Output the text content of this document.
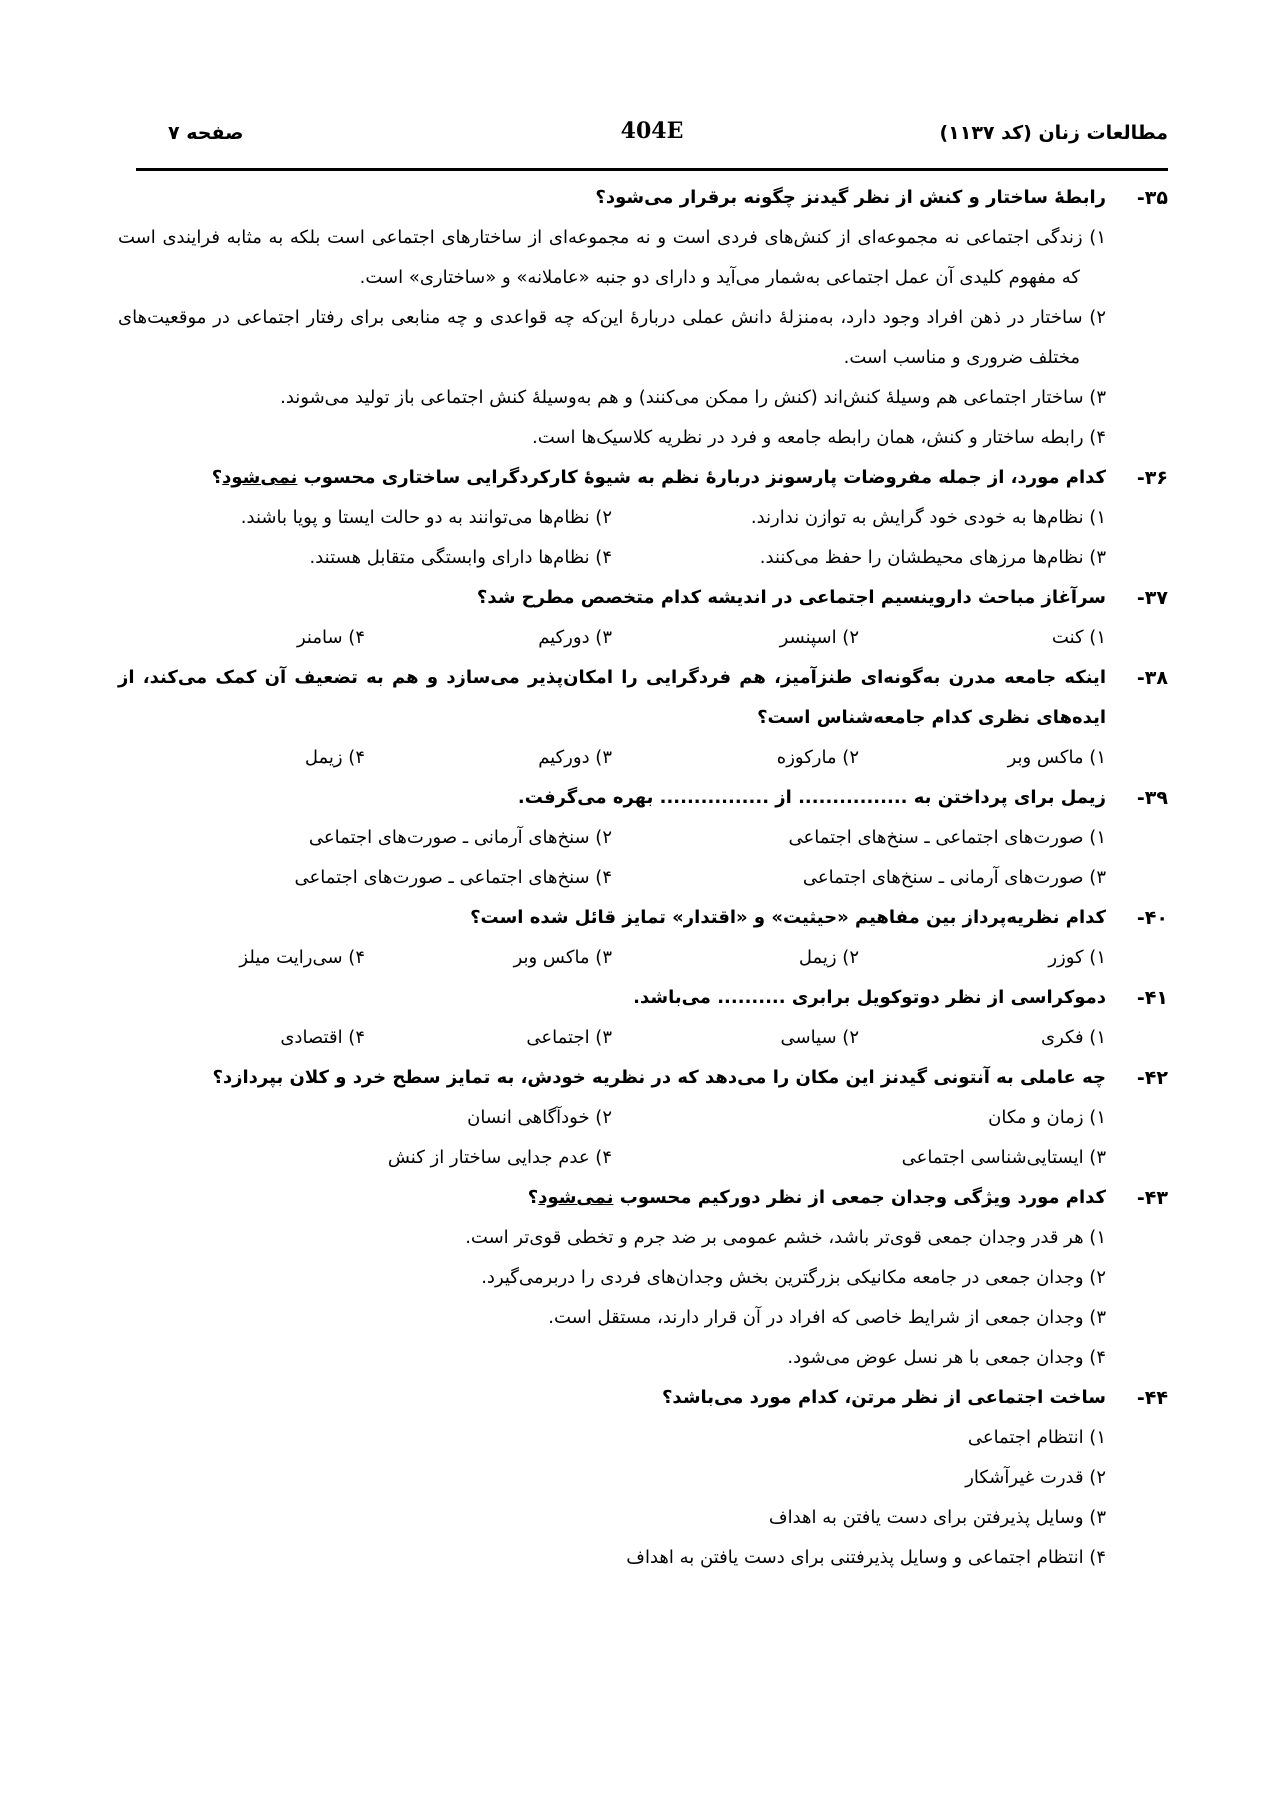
صفحه ۷	404E	مطالعات زنان (کد ۱۱۳۷)
۳۵-
رابطهٔ ساختار و کنش از نظر گیدنز چگونه برقرار می‌شود؟
۱) زندگی اجتماعی نه مجموعه‌ای از کنش‌های فردی است و نه مجموعه‌ای از ساختارهای اجتماعی است بلکه به مثابه فرایندی است که مفهوم کلیدی آن عمل اجتماعی به‌شمار می‌آید و دارای دو جنبه «عاملانه» و «ساختاری» است.
۲) ساختار در ذهن افراد وجود دارد، به‌منزلهٔ دانش عملی دربارهٔ این‌که چه قواعدی و چه منابعی برای رفتار اجتماعی در موقعیت‌های مختلف ضروری و مناسب است.
۳) ساختار اجتماعی هم وسیلهٔ کنش‌اند (کنش را ممکن می‌کنند) و هم به‌وسیلهٔ کنش اجتماعی باز تولید می‌شوند.
۴) رابطه ساختار و کنش، همان رابطه جامعه و فرد در نظریه کلاسیک‌ها است.
۳۶-
کدام مورد، از جمله مفروضات پارسونز دربارهٔ نظم به شیوهٔ کارکردگرایی ساختاری محسوب نمی‌شود؟
۱) نظام‌ها به خودی خود گرایش به توازن ندارند.
۲) نظام‌ها می‌توانند به دو حالت ایستا و پویا باشند.
۳) نظام‌ها مرزهای محیطشان را حفظ می‌کنند.
۴) نظام‌ها دارای وابستگی متقابل هستند.
۳۷-
سرآغاز مباحث داروینسیم اجتماعی در اندیشه کدام متخصص مطرح شد؟
۱) کنت
۲) اسپنسر
۳) دورکیم
۴) سامنر
۳۸-
اینکه جامعه مدرن به‌گونه‌ای طنزآمیز، هم فردگرایی را امکان‌پذیر می‌سازد و هم به تضعیف آن کمک می‌کند، از ایده‌های نظری کدام جامعه‌شناس است؟
۱) ماکس وبر
۲) مارکوزه
۳) دورکیم
۴) زیمل
۳۹-
زیمل برای پرداختن به ................ از ................ بهره می‌گرفت.
۱) صورت‌های اجتماعی ـ سنخ‌های اجتماعی
۲) سنخ‌های آرمانی ـ صورت‌های اجتماعی
۳) صورت‌های آرمانی ـ سنخ‌های اجتماعی
۴) سنخ‌های اجتماعی ـ صورت‌های اجتماعی
۴۰-
کدام نظریه‌پرداز بین مفاهیم «حیثیت» و «اقتدار» تمایز قائل شده است؟
۱) کوزر
۲) زیمل
۳) ماکس وبر
۴) سی‌رایت میلز
۴۱-
دموکراسی از نظر دوتوکویل برابری .......... می‌باشد.
۱) فکری
۲) سیاسی
۳) اجتماعی
۴) اقتصادی
۴۲-
چه عاملی به آنتونی گیدنز این مکان را می‌دهد که در نظریه خودش، به تمایز سطح خرد و کلان بپردازد؟
۱) زمان و مکان
۲) خودآگاهی انسان
۳) ایستایی‌شناسی اجتماعی
۴) عدم جدایی ساختار از کنش
۴۳-
کدام مورد ویژگی وجدان جمعی از نظر دورکیم محسوب نمی‌شود؟
۱) هر قدر وجدان جمعی قوی‌تر باشد، خشم عمومی بر ضد جرم و تخطی قوی‌تر است.
۲) وجدان جمعی در جامعه مکانیکی بزرگترین بخش وجدان‌های فردی را دربرمی‌گیرد.
۳) وجدان جمعی از شرایط خاصی که افراد در آن قرار دارند، مستقل است.
۴) وجدان جمعی با هر نسل عوض می‌شود.
۴۴-
ساخت اجتماعی از نظر مرتن، کدام مورد می‌باشد؟
۱) انتظام اجتماعی
۲) قدرت غیرآشکار
۳) وسایل پذیرفتن برای دست یافتن به اهداف
۴) انتظام اجتماعی و وسایل پذیرفتنی برای دست یافتن به اهداف
